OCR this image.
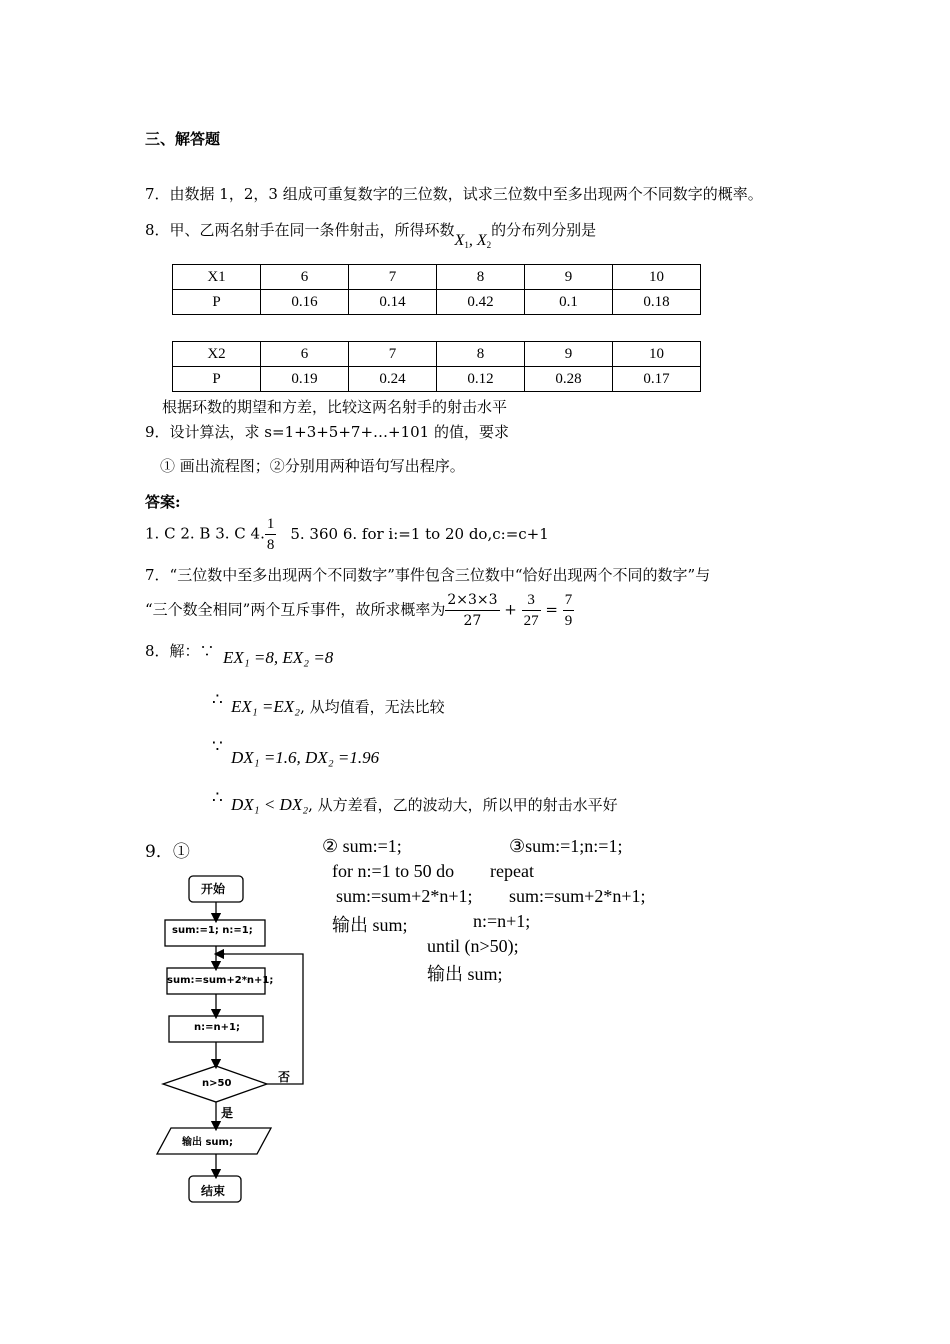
三、解答题
7．由数据 1，2，3 组成可重复数字的三位数，试求三位数中至多出现两个不同数字的概率。
8．甲、乙两名射手在同一条件射击，所得环数$X_1$, $X_2$的分布列分别是
X1	6	7	8	9	10
P	0.16	0.14	0.42	0.1	0.18
X2	6	7	8	9	10
P	0.19	0.24	0.12	0.28	0.17
根据环数的期望和方差，比较这两名射手的射击水平
9．设计算法，求 s=1+3+5+7+…+101 的值，要求
① 画出流程图；②分别用两种语句写出程序。
答案:
1. C 2. B 3. C 4. $\frac{1}{8} 5$. 360 6. for i:=1 to 20 do,c:=c+1
7．“三位数中至多出现两个不同数字”事件包含三位数中“恰好出现两个不同的数字”与
“三个数全相同”两个互斥事件，故所求概率为 $\frac{2\times 3\times 3}{27} + \frac{3}{27} = \frac{7}{9}$
8．解：∵ EX₁ =8, EX₂ =8
∴ EX₁ =EX₂, 从均值看，无法比较
∵
DX₁ =1.6, DX₂ =1.96
∴ DX₁ < DX₂, 从方差看，乙的波动大，所以甲的射击水平好
9．①	② sum:=1;
for n:=1 to 50 do
sum:=sum+2*n+1;
输出 sum;
③sum:=1;n:=1;
repeat
sum:=sum+2*n+1;
n:=n+1;
until (n>50);
输出 sum;
开始
sum:=1; n:=1;
sum:=sum+2*n+1;
n:=n+1;
n>50	否
是
输出 sum;
结束
